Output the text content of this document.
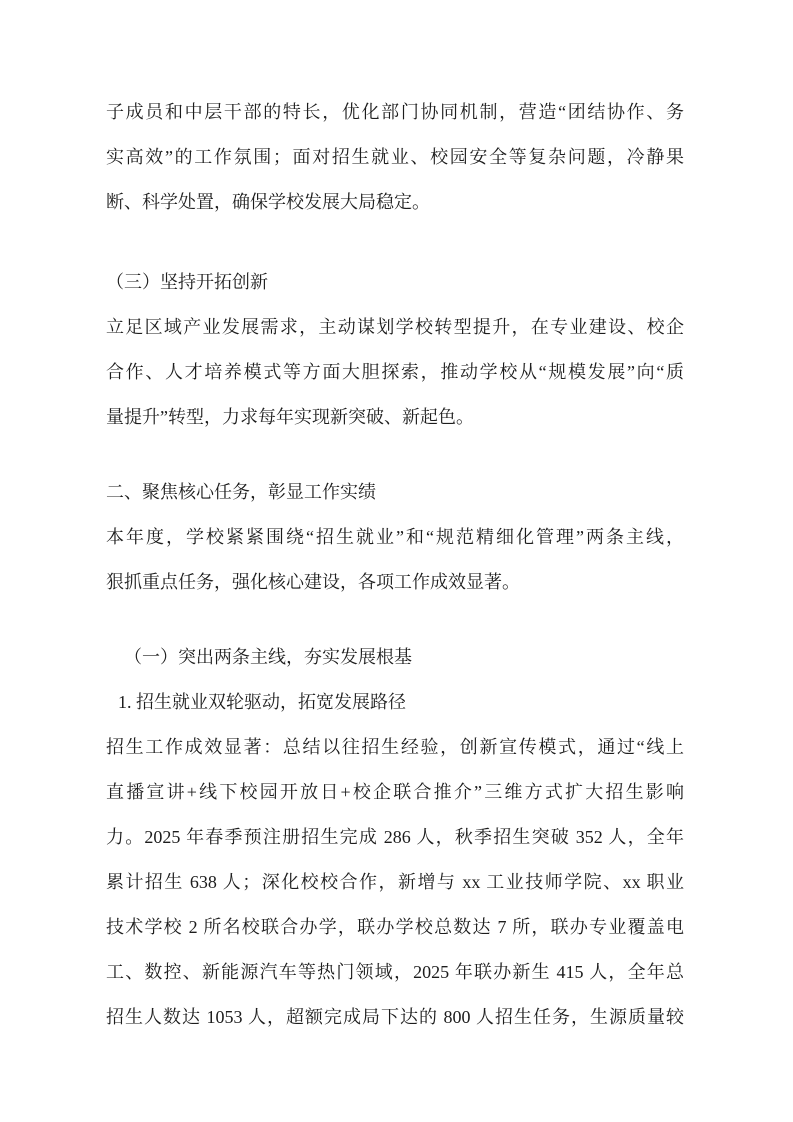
子成员和中层干部的特长，优化部门协同机制，营造“团结协作、务
实高效”的工作氛围；面对招生就业、校园安全等复杂问题，冷静果
断、科学处置，确保学校发展大局稳定。
（三）坚持开拓创新
立足区域产业发展需求，主动谋划学校转型提升，在专业建设、校企
合作、人才培养模式等方面大胆探索，推动学校从“规模发展”向“质
量提升”转型，力求每年实现新突破、新起色。
二、聚焦核心任务，彰显工作实绩
本年度，学校紧紧围绕“招生就业”和“规范精细化管理”两条主线，
狠抓重点任务，强化核心建设，各项工作成效显著。
（一）突出两条主线，夯实发展根基
1. 招生就业双轮驱动，拓宽发展路径
招生工作成效显著：总结以往招生经验，创新宣传模式，通过“线上
直播宣讲+线下校园开放日+校企联合推介”三维方式扩大招生影响
力。2025 年春季预注册招生完成 286 人，秋季招生突破 352 人，全年
累计招生 638 人；深化校校合作，新增与 xx 工业技师学院、xx 职业
技术学校 2 所名校联合办学，联办学校总数达 7 所，联办专业覆盖电
工、数控、新能源汽车等热门领域，2025 年联办新生 415 人，全年总
招生人数达 1053 人，超额完成局下达的 800 人招生任务，生源质量较
